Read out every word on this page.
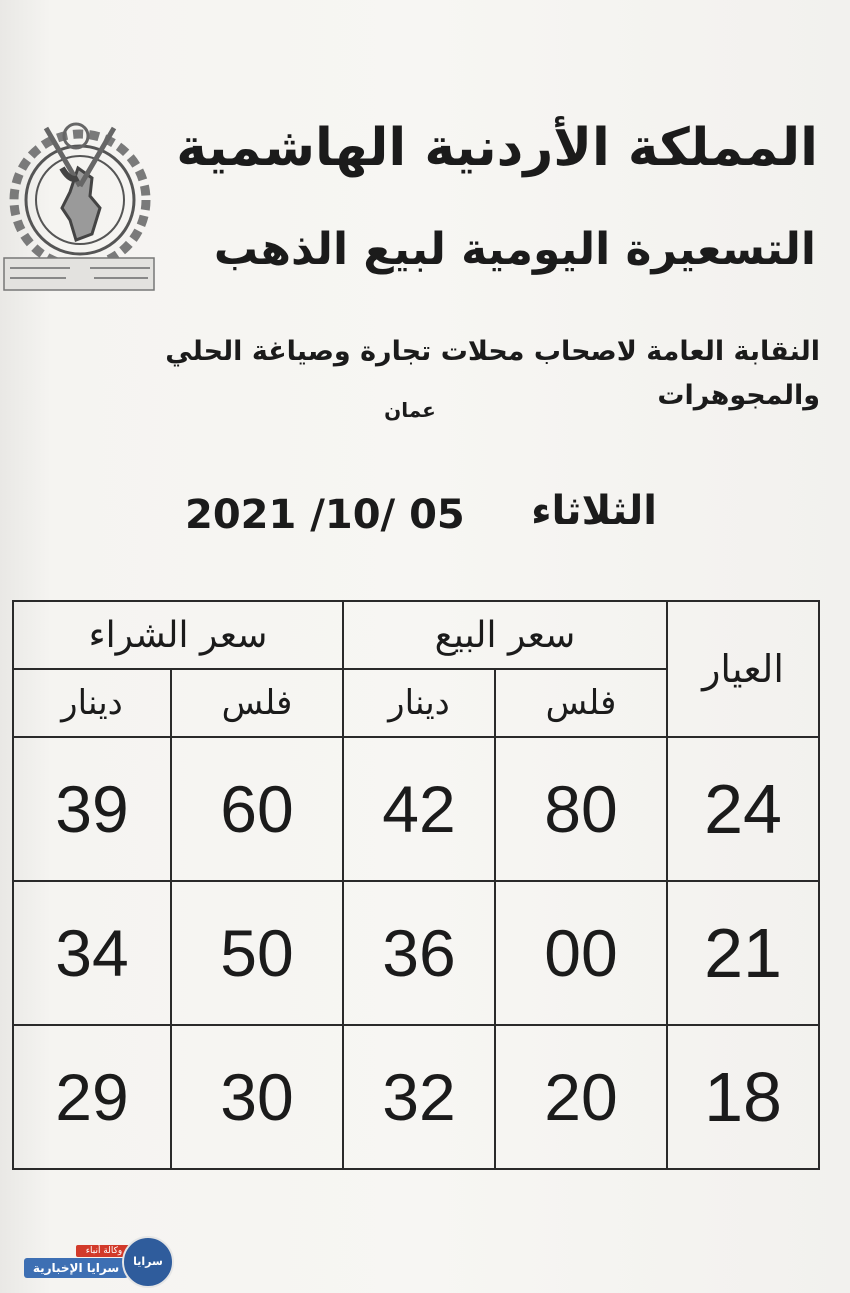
المملكة الأردنية الهاشمية
التسعيرة اليومية لبيع الذهب
النقابة العامة لاصحاب محلات تجارة وصياغة الحلي والمجوهرات
عمان
2021 /10/ 05 الثلاثاء
العيار	سعر البيع		سعر الشراء	
	فلس	دينار	فلس	دينار
24	80	42	60	39
21	00	36	50	34
18	20	32	30	29
وكالة أنباء
سرايا الإخبارية	سرايا
